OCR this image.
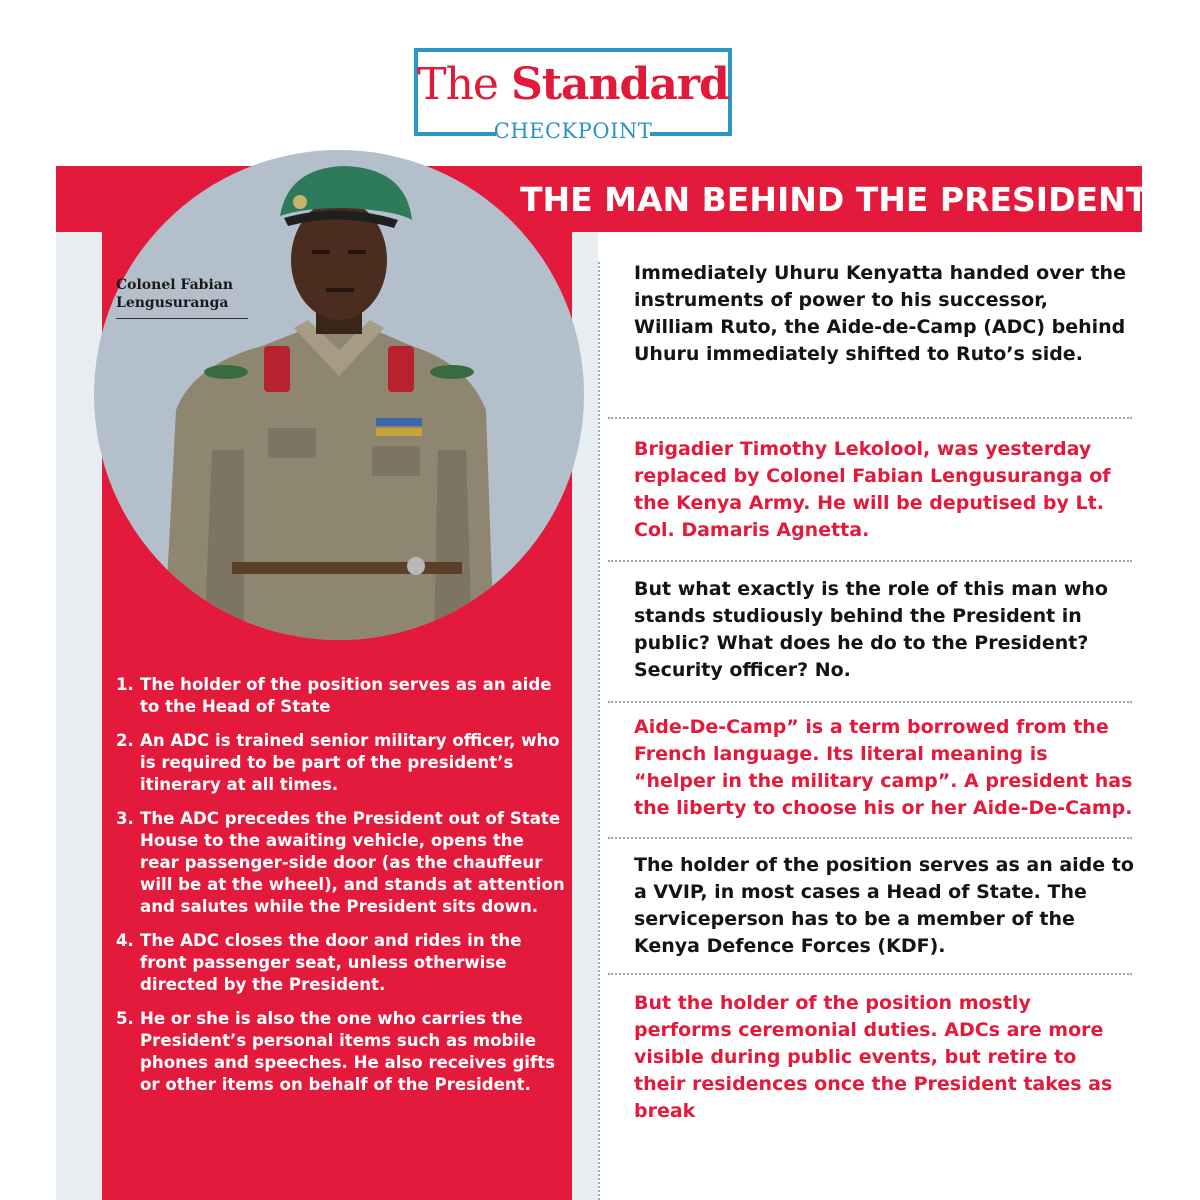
The Standard
CHECKPOINT
Colonel Fabian
Lengusuranga
THE MAN BEHIND THE PRESIDENT
1. The holder of the position serves as an aide to the Head of State
2. An ADC is trained senior military officer, who is required to be part of the president’s itinerary at all times.
3. The ADC precedes the President out of State House to the awaiting vehicle, opens the rear passenger-side door (as the chauffeur will be at the wheel), and stands at attention and salutes while the President sits down.
4. The ADC closes the door and rides in the front passenger seat, unless otherwise directed by the President.
5. He or she is also the one who carries the President’s personal items such as mobile phones and speeches. He also receives gifts or other items on behalf of the President.

Immediately Uhuru Kenyatta handed over the instruments of power to his successor, William Ruto, the Aide-de-Camp (ADC) behind Uhuru immediately shifted to Ruto’s side.

Brigadier Timothy Lekolool, was yesterday replaced by Colonel Fabian Lengusuranga of the Kenya Army. He will be deputised by Lt. Col. Damaris Agnetta.

But what exactly is the role of this man who stands studiously behind the President in public? What does he do to the President? Security officer? No.

Aide-De-Camp” is a term borrowed from the French language. Its literal meaning is “helper in the military camp”. A president has the liberty to choose his or her Aide-De-Camp.

The holder of the position serves as an aide to a VVIP, in most cases a Head of State. The serviceperson has to be a member of the Kenya Defence Forces (KDF).

But the holder of the position mostly performs ceremonial duties. ADCs are more visible during public events, but retire to their residences once the President takes as break
